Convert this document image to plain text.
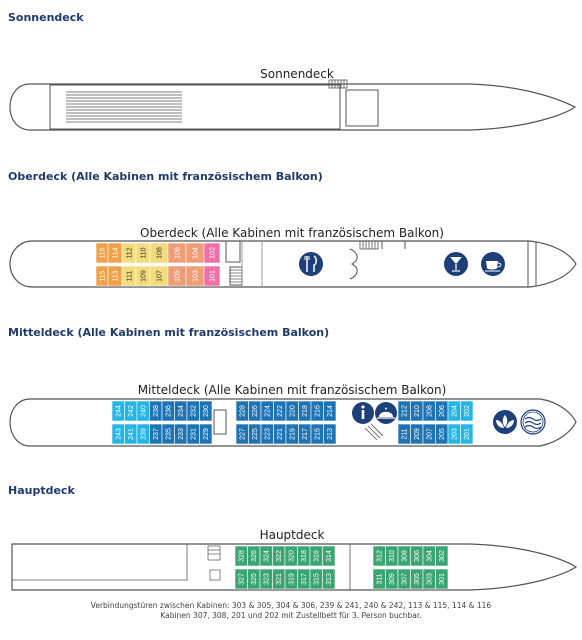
Sonnendeck
Oberdeck (Alle Kabinen mit französischem Balkon)
Mitteldeck (Alle Kabinen mit französischem Balkon)
Hauptdeck
Sonnendeck
Oberdeck (Alle Kabinen mit französischem Balkon)
116 114 112 110 108 106 104 102
115 113 111 109 107 105 103 101
Mitteldeck (Alle Kabinen mit französischem Balkon)
244 242 240 238 236 234 232 230
243 241 239 237 235 233 231 229
228 226 224 222 220 218 216 214
227 225 223 221 219 217 215 213
212 210 208 206 204 202
211 209 207 205 203 201
Hauptdeck
328 326 324 322 320 318 316 314
327 325 323 321 319 317 315 313
312 310 308 306 304 302
311 309 307 305 303 301
Verbindungstüren zwischen Kabinen: 303 & 305, 304 & 306, 239 & 241, 240 & 242, 113 & 115, 114 & 116
Kabinen 307, 308, 201 und 202 mit Zustellbett für 3. Person buchbar.
